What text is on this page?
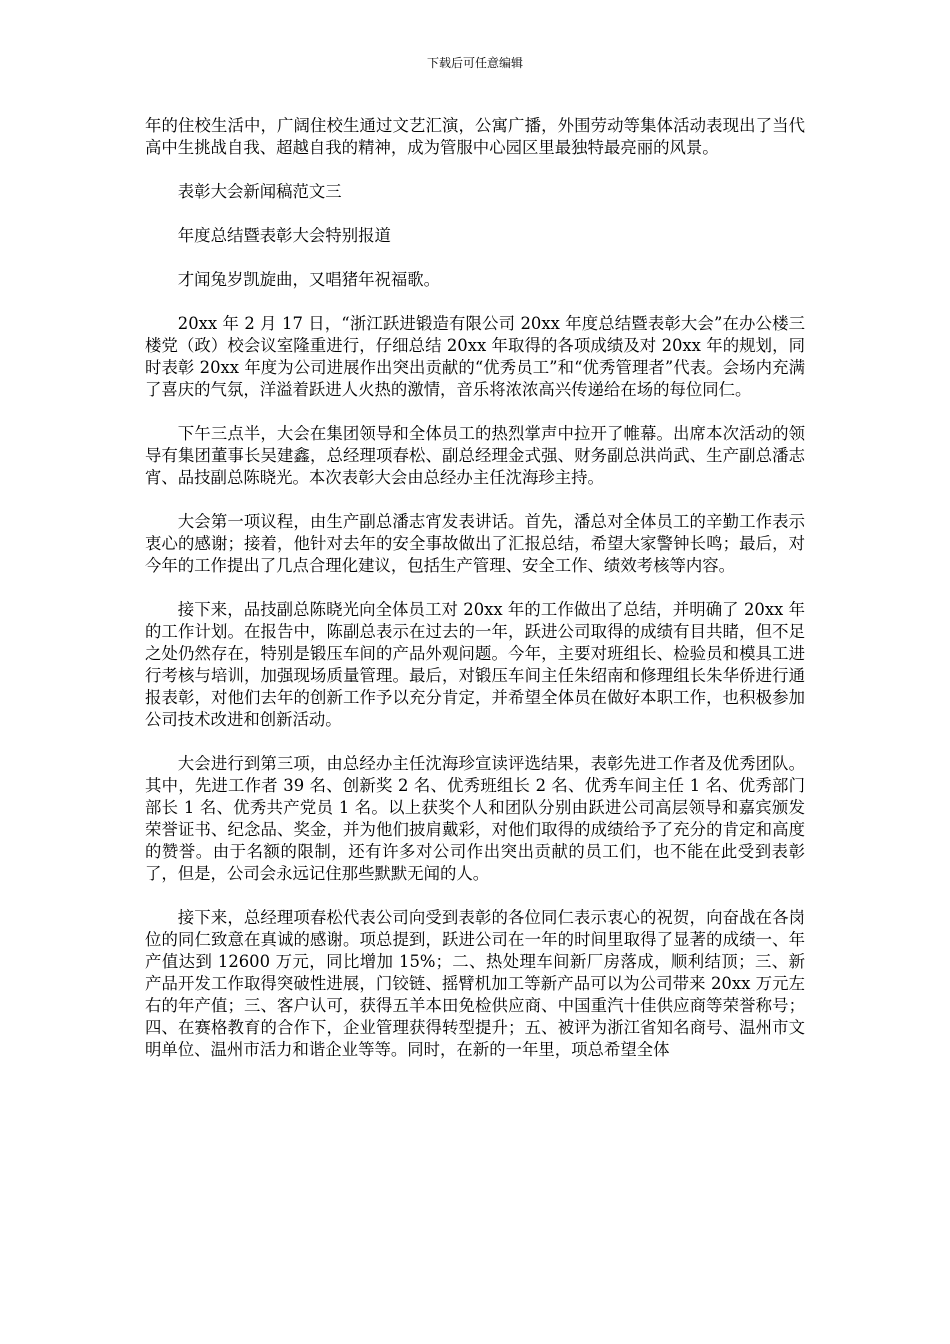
下载后可任意编辑

年的住校生活中，广阔住校生通过文艺汇演，公寓广播，外围劳动等集体活动表现出了当代高中生挑战自我、超越自我的精神，成为管服中心园区里最独特最亮丽的风景。

表彰大会新闻稿范文三

年度总结暨表彰大会特别报道

才闻兔岁凯旋曲，又唱猪年祝福歌。

20xx 年 2 月 17 日，“浙江跃进锻造有限公司 20xx 年度总结暨表彰大会”在办公楼三楼党（政）校会议室隆重进行，仔细总结 20xx 年取得的各项成绩及对 20xx 年的规划，同时表彰 20xx 年度为公司进展作出突出贡献的“优秀员工”和“优秀管理者”代表。会场内充满了喜庆的气氛，洋溢着跃进人火热的激情，音乐将浓浓高兴传递给在场的每位同仁。

下午三点半，大会在集团领导和全体员工的热烈掌声中拉开了帷幕。出席本次活动的领导有集团董事长吴建鑫，总经理项春松、副总经理金式强、财务副总洪尚武、生产副总潘志宵、品技副总陈晓光。本次表彰大会由总经办主任沈海珍主持。

大会第一项议程，由生产副总潘志宵发表讲话。首先，潘总对全体员工的辛勤工作表示衷心的感谢；接着，他针对去年的安全事故做出了汇报总结，希望大家警钟长鸣；最后，对今年的工作提出了几点合理化建议，包括生产管理、安全工作、绩效考核等内容。

接下来，品技副总陈晓光向全体员工对 20xx 年的工作做出了总结，并明确了 20xx 年的工作计划。在报告中，陈副总表示在过去的一年，跃进公司取得的成绩有目共睹，但不足之处仍然存在，特别是锻压车间的产品外观问题。今年，主要对班组长、检验员和模具工进行考核与培训，加强现场质量管理。最后，对锻压车间主任朱绍南和修理组长朱华侨进行通报表彰，对他们去年的创新工作予以充分肯定，并希望全体员在做好本职工作，也积极参加公司技术改进和创新活动。

大会进行到第三项，由总经办主任沈海珍宣读评选结果，表彰先进工作者及优秀团队。其中，先进工作者 39 名、创新奖 2 名、优秀班组长 2 名、优秀车间主任 1 名、优秀部门部长 1 名、优秀共产党员 1 名。以上获奖个人和团队分别由跃进公司高层领导和嘉宾颁发荣誉证书、纪念品、奖金，并为他们披肩戴彩，对他们取得的成绩给予了充分的肯定和高度的赞誉。由于名额的限制，还有许多对公司作出突出贡献的员工们，也不能在此受到表彰了，但是，公司会永远记住那些默默无闻的人。

接下来，总经理项春松代表公司向受到表彰的各位同仁表示衷心的祝贺，向奋战在各岗位的同仁致意在真诚的感谢。项总提到，跃进公司在一年的时间里取得了显著的成绩一、年产值达到 12600 万元，同比增加 15%；二、热处理车间新厂房落成，顺利结顶；三、新产品开发工作取得突破性进展，门铰链、摇臂机加工等新产品可以为公司带来 20xx 万元左右的年产值；三、客户认可，获得五羊本田免检供应商、中国重汽十佳供应商等荣誉称号；四、在赛格教育的合作下，企业管理获得转型提升；五、被评为浙江省知名商号、温州市文明单位、温州市活力和谐企业等等。同时，在新的一年里，项总希望全体
